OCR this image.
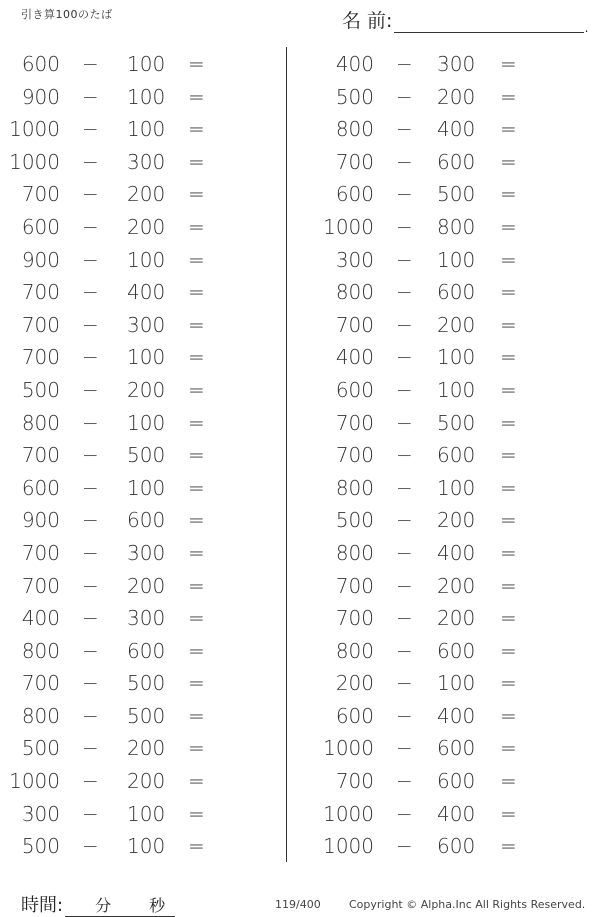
引き算100のたば	名 前:	.
600 − 100 =
900 − 100 =
1000 − 100 =
1000 − 300 =
700 − 200 =
600 − 200 =
900 − 100 =
700 − 400 =
700 − 300 =
700 − 100 =
500 − 200 =
800 − 100 =
700 − 500 =
600 − 100 =
900 − 600 =
700 − 300 =
700 − 200 =
400 − 300 =
800 − 600 =
700 − 500 =
800 − 500 =
500 − 200 =
1000 − 200 =
300 − 100 =
500 − 100 =
400 − 300 =
500 − 200 =
800 − 400 =
700 − 600 =
600 − 500 =
1000 − 800 =
300 − 100 =
800 − 600 =
700 − 200 =
400 − 100 =
600 − 100 =
700 − 500 =
700 − 600 =
800 − 100 =
500 − 200 =
800 − 400 =
700 − 200 =
700 − 200 =
800 − 600 =
200 − 100 =
600 − 400 =
1000 − 600 =
700 − 600 =
1000 − 400 =
1000 − 600 =
時間: 分 秒	119/400	Copyright © Alpha.Inc All Rights Reserved.
